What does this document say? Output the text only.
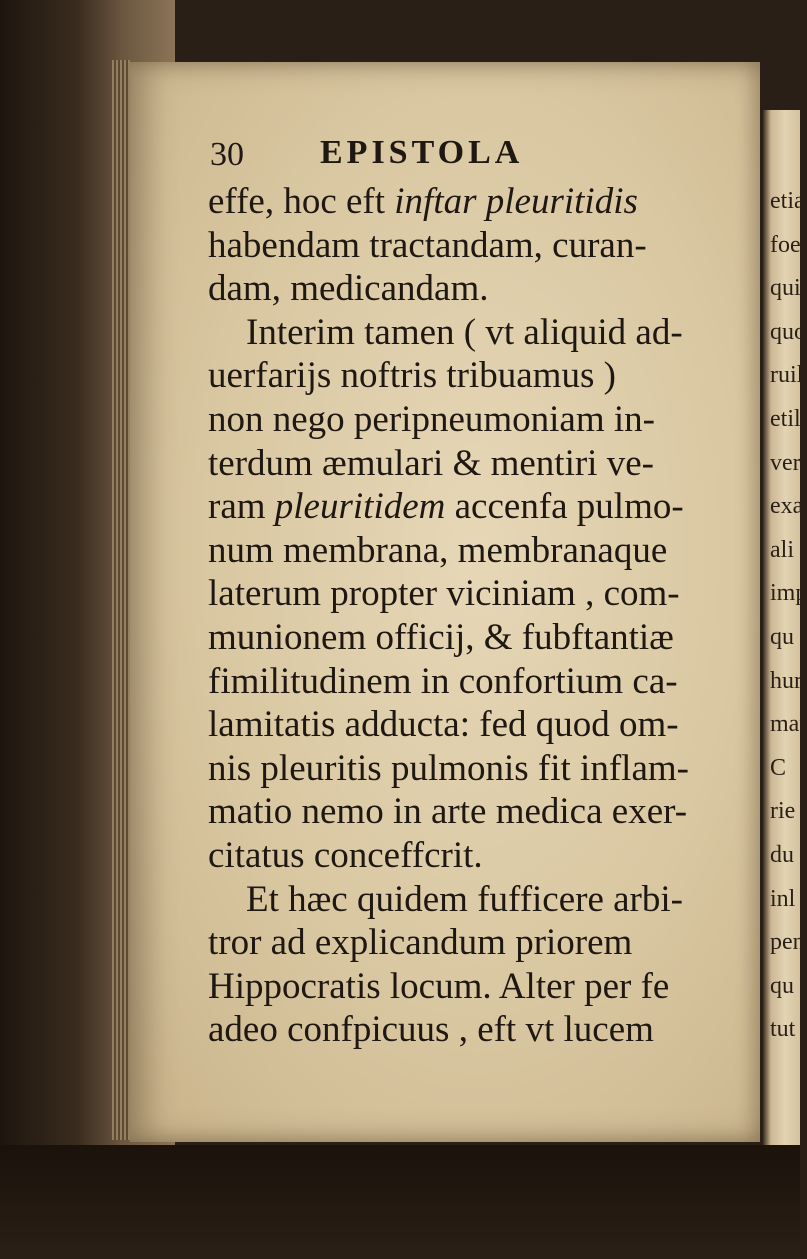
30 EPISTOLA
effe, hoc eft inftar pleuritidis
habendam tractandam, curan-
dam, medicandam.
Interim tamen ( vt aliquid ad-
uerfarijs noftris tribuamus )
non nego peripneumoniam in-
terdum æmulari & mentiri ve-
ram pleuritidem accenfa pulmo-
num membrana, membranaque
laterum propter viciniam , com-
munionem officij, & fubftantiæ
fimilitudinem in confortium ca-
lamitatis adducta: fed quod om-
nis pleuritis pulmonis fit inflam-
matio nemo in arte medica exer-
citatus conceffcrit.
Et hæc quidem fufficere arbi-
tror ad explicandum priorem
Hippocratis locum. Alter per fe
adeo confpicuus , eft vt lucem
etia
foel
quit
quo
ruil
etil
ver
exa
ali
imp
qu
hur
mat
C
rie
du
inl
pen
qu
tut
